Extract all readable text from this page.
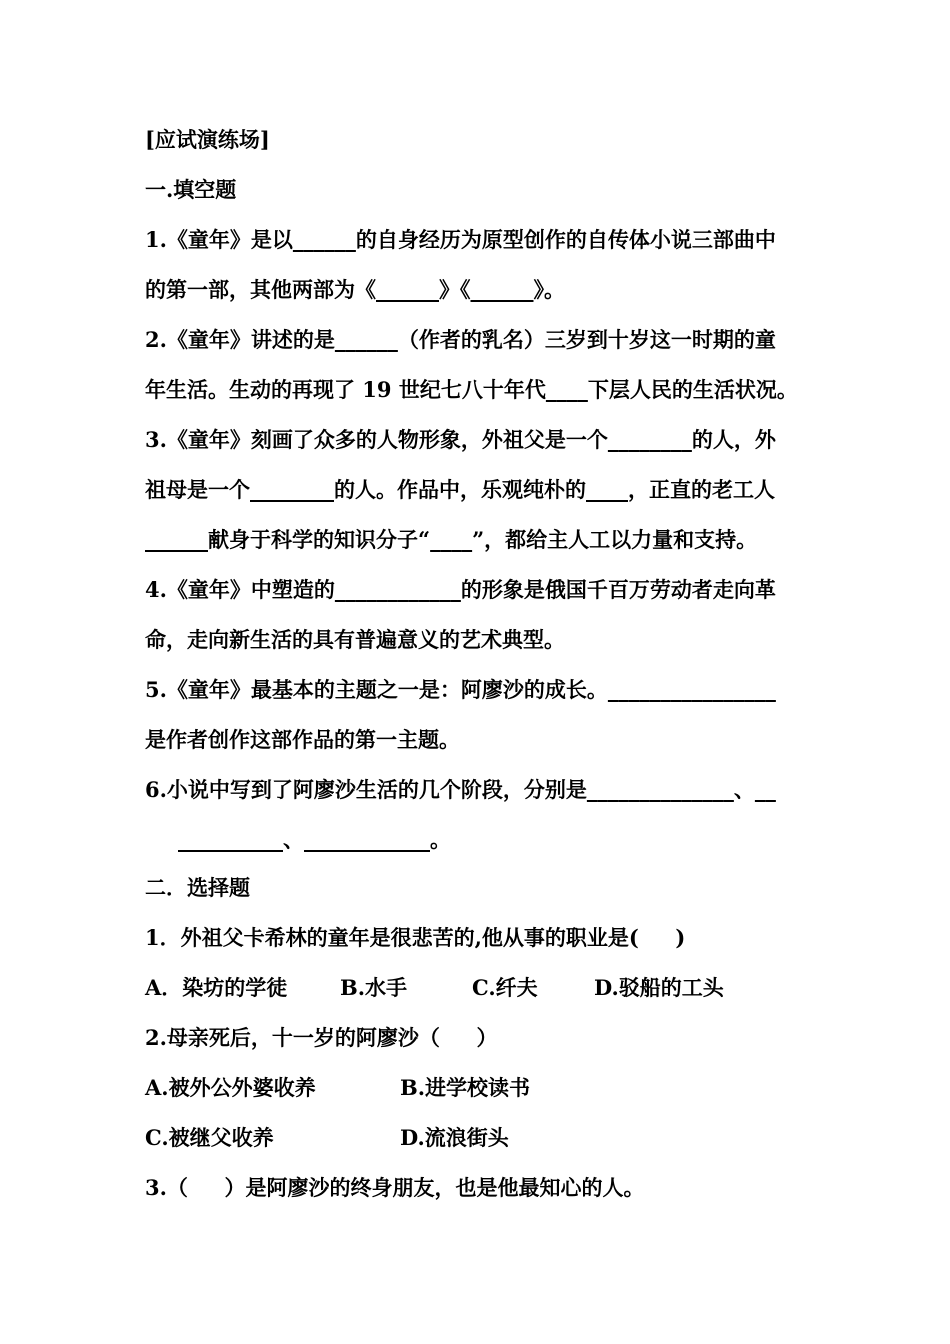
[应试演练场]
一.填空题
1.《童年》是以______的自身经历为原型创作的自传体小说三部曲中
的第一部，其他两部为《______》《______》。
2.《童年》讲述的是______（作者的乳名）三岁到十岁这一时期的童
年生活。生动的再现了 19 世纪七八十年代____下层人民的生活状况。
3.《童年》刻画了众多的人物形象，外祖父是一个________的人，外
祖母是一个________的人。作品中，乐观纯朴的____，正直的老工人
______献身于科学的知识分子“____”，都给主人工以力量和支持。
4.《童年》中塑造的____________的形象是俄国千百万劳动者走向革
命，走向新生活的具有普遍意义的艺术典型。
5.《童年》最基本的主题之一是：阿廖沙的成长。________________
是作者创作这部作品的第一主题。
6.小说中写到了阿廖沙生活的几个阶段，分别是______________、__
__________、____________。
二．选择题
1．外祖父卡希林的童年是很悲苦的,他从事的职业是(     )
A．染坊的学徒	B.水手	C.纤夫	D.驳船的工头
2.母亲死后，十一岁的阿廖沙（     ）
A.被外公外婆收养	B.进学校读书
C.被继父收养	D.流浪街头
3.（     ）是阿廖沙的终身朋友，也是他最知心的人。
